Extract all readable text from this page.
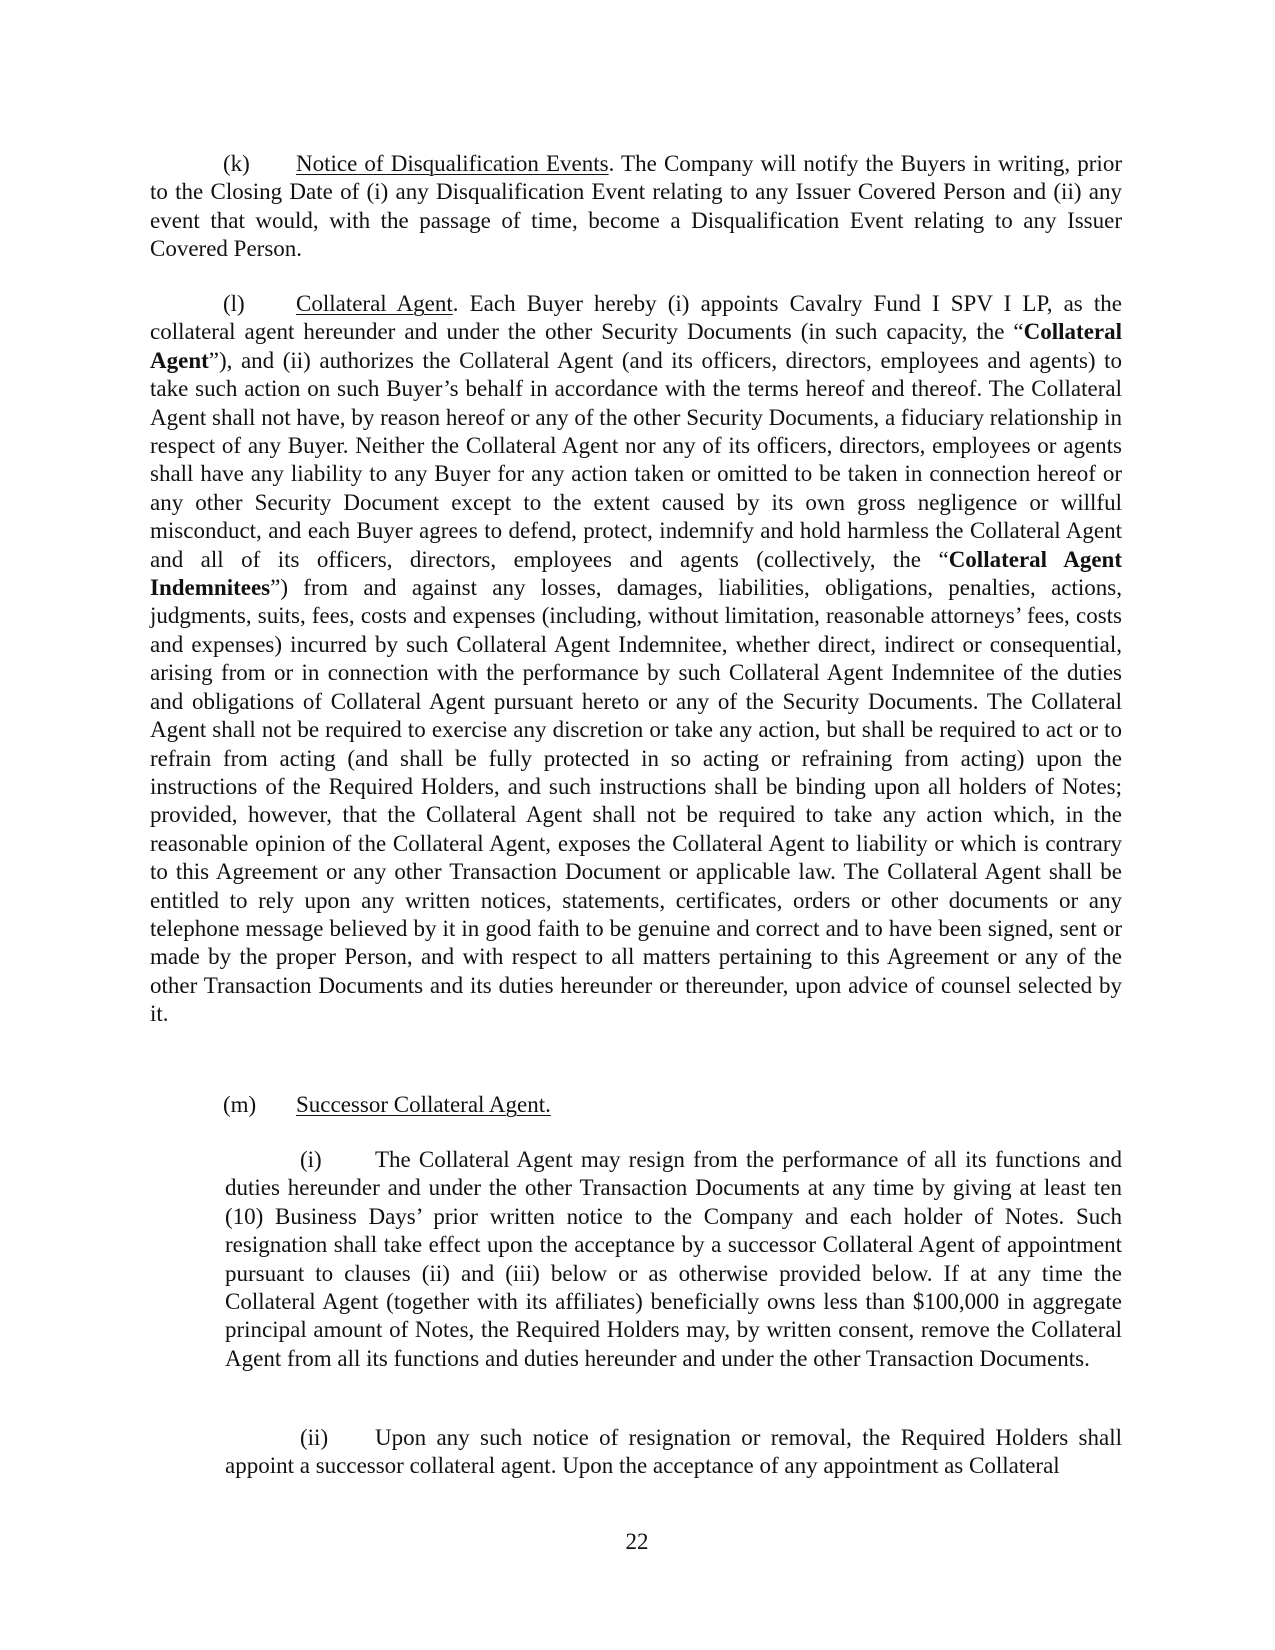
(k) Notice of Disqualification Events. The Company will notify the Buyers in writing, prior to the Closing Date of (i) any Disqualification Event relating to any Issuer Covered Person and (ii) any event that would, with the passage of time, become a Disqualification Event relating to any Issuer Covered Person.

(l) Collateral Agent. Each Buyer hereby (i) appoints Cavalry Fund I SPV I LP, as the collateral agent hereunder and under the other Security Documents (in such capacity, the “Collateral Agent”), and (ii) authorizes the Collateral Agent (and its officers, directors, employees and agents) to take such action on such Buyer’s behalf in accordance with the terms hereof and thereof. The Collateral Agent shall not have, by reason hereof or any of the other Security Documents, a fiduciary relationship in respect of any Buyer. Neither the Collateral Agent nor any of its officers, directors, employees or agents shall have any liability to any Buyer for any action taken or omitted to be taken in connection hereof or any other Security Document except to the extent caused by its own gross negligence or willful misconduct, and each Buyer agrees to defend, protect, indemnify and hold harmless the Collateral Agent and all of its officers, directors, employees and agents (collectively, the “Collateral Agent Indemnitees”) from and against any losses, damages, liabilities, obligations, penalties, actions, judgments, suits, fees, costs and expenses (including, without limitation, reasonable attorneys’ fees, costs and expenses) incurred by such Collateral Agent Indemnitee, whether direct, indirect or consequential, arising from or in connection with the performance by such Collateral Agent Indemnitee of the duties and obligations of Collateral Agent pursuant hereto or any of the Security Documents. The Collateral Agent shall not be required to exercise any discretion or take any action, but shall be required to act or to refrain from acting (and shall be fully protected in so acting or refraining from acting) upon the instructions of the Required Holders, and such instructions shall be binding upon all holders of Notes; provided, however, that the Collateral Agent shall not be required to take any action which, in the reasonable opinion of the Collateral Agent, exposes the Collateral Agent to liability or which is contrary to this Agreement or any other Transaction Document or applicable law. The Collateral Agent shall be entitled to rely upon any written notices, statements, certificates, orders or other documents or any telephone message believed by it in good faith to be genuine and correct and to have been signed, sent or made by the proper Person, and with respect to all matters pertaining to this Agreement or any of the other Transaction Documents and its duties hereunder or thereunder, upon advice of counsel selected by it.

(m) Successor Collateral Agent.

(i) The Collateral Agent may resign from the performance of all its functions and duties hereunder and under the other Transaction Documents at any time by giving at least ten (10) Business Days’ prior written notice to the Company and each holder of Notes. Such resignation shall take effect upon the acceptance by a successor Collateral Agent of appointment pursuant to clauses (ii) and (iii) below or as otherwise provided below. If at any time the Collateral Agent (together with its affiliates) beneficially owns less than $100,000 in aggregate principal amount of Notes, the Required Holders may, by written consent, remove the Collateral Agent from all its functions and duties hereunder and under the other Transaction Documents.

(ii) Upon any such notice of resignation or removal, the Required Holders shall appoint a successor collateral agent. Upon the acceptance of any appointment as Collateral

22
